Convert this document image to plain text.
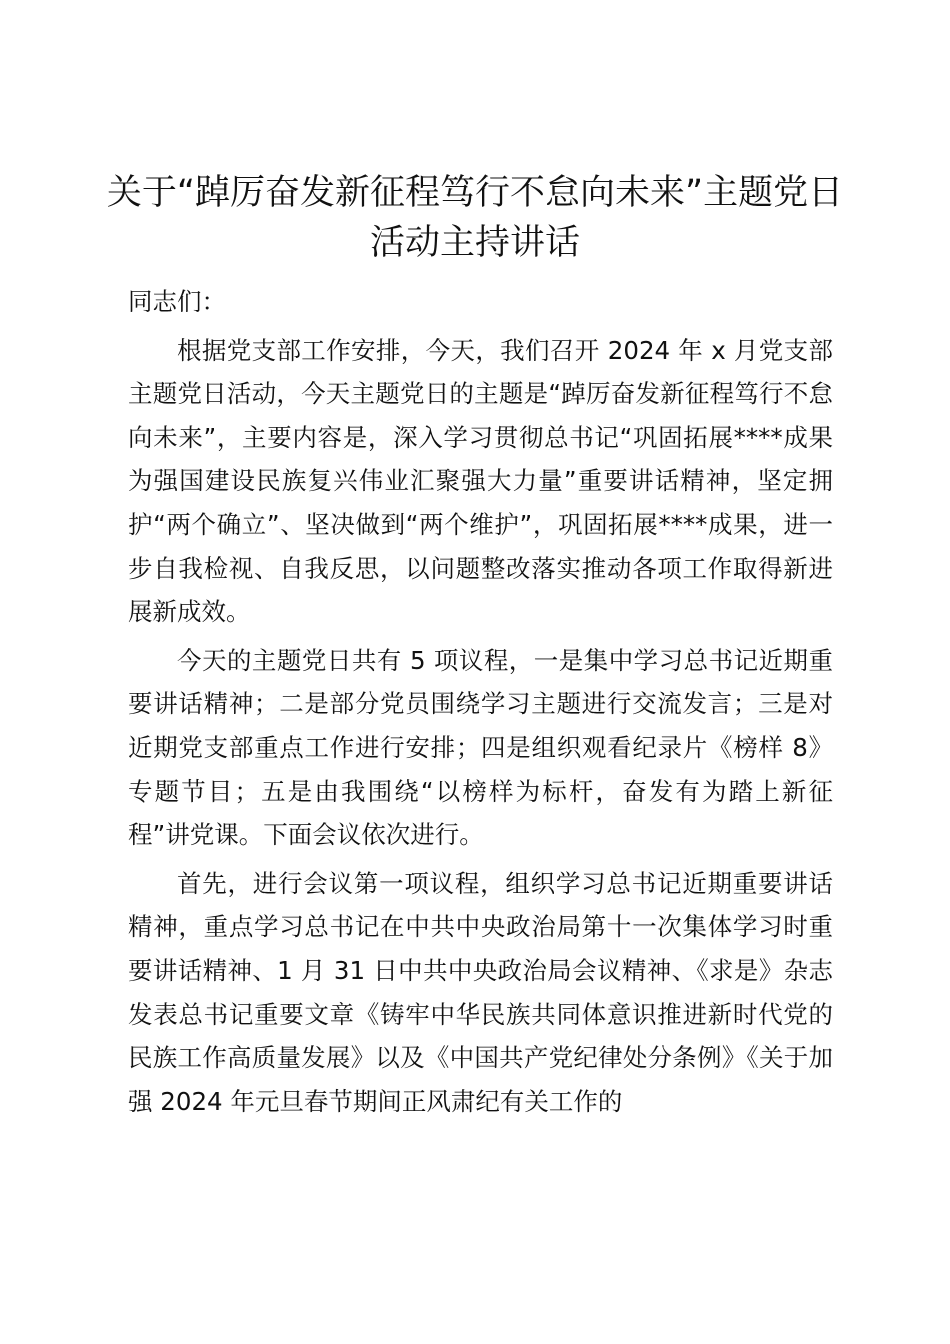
关于“踔厉奋发新征程笃行不怠向未来”主题党日活动主持讲话

同志们：

根据党支部工作安排，今天，我们召开 2024 年 x 月党支部主题党日活动，今天主题党日的主题是“踔厉奋发新征程笃行不怠向未来”，主要内容是，深入学习贯彻总书记“巩固拓展****成果为强国建设民族复兴伟业汇聚强大力量”重要讲话精神，坚定拥护“两个确立”、坚决做到“两个维护”，巩固拓展****成果，进一步自我检视、自我反思，以问题整改落实推动各项工作取得新进展新成效。

今天的主题党日共有 5 项议程，一是集中学习总书记近期重要讲话精神；二是部分党员围绕学习主题进行交流发言；三是对近期党支部重点工作进行安排；四是组织观看纪录片《榜样 8》专题节目；五是由我围绕“以榜样为标杆，奋发有为踏上新征程”讲党课。下面会议依次进行。

首先，进行会议第一项议程，组织学习总书记近期重要讲话精神，重点学习总书记在中共中央政治局第十一次集体学习时重要讲话精神、1 月 31 日中共中央政治局会议精神、《求是》杂志发表总书记重要文章《铸牢中华民族共同体意识推进新时代党的民族工作高质量发展》以及《中国共产党纪律处分条例》《关于加强 2024 年元旦春节期间正风肃纪有关工作的
